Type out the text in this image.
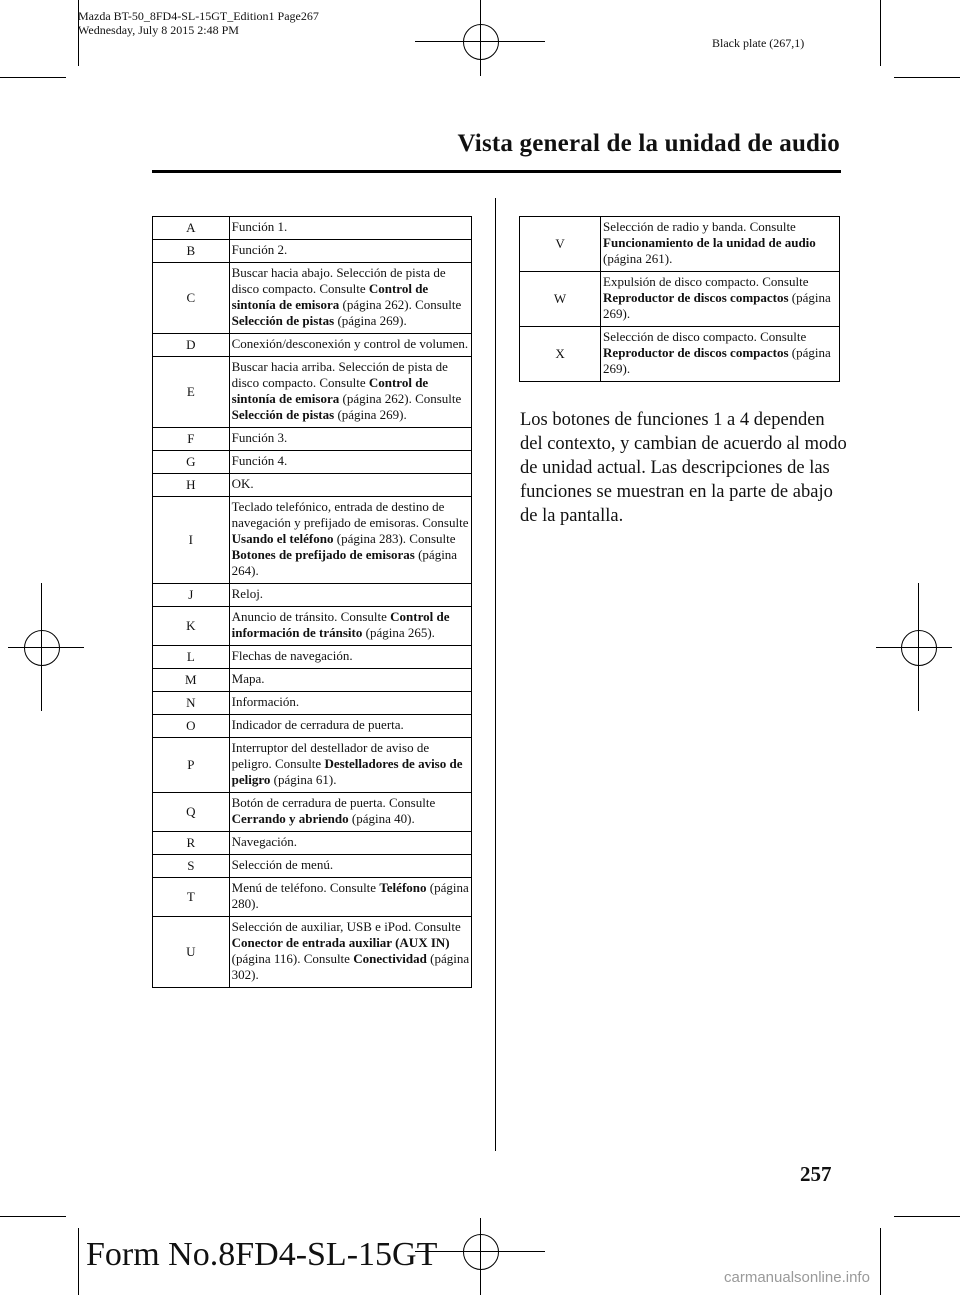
Mazda BT-50_8FD4-SL-15GT_Edition1 Page267
Wednesday, July 8 2015 2:48 PM
Black plate (267,1)
Vista general de la unidad de audio
A	Función 1.
B	Función 2.
C	Buscar hacia abajo. Selección de pista de disco compacto. Consulte Control de sintonía de emisora (página 262). Consulte Selección de pistas (página 269).
D	Conexión/desconexión y control de volumen.
E	Buscar hacia arriba. Selección de pista de disco compacto. Consulte Control de sintonía de emisora (página 262). Consulte Selección de pistas (página 269).
F	Función 3.
G	Función 4.
H	OK.
I	Teclado telefónico, entrada de destino de navegación y prefijado de emisoras. Consulte Usando el teléfono (página 283). Consulte Botones de prefijado de emisoras (página 264).
J	Reloj.
K	Anuncio de tránsito. Consulte Control de información de tránsito (página 265).
L	Flechas de navegación.
M	Mapa.
N	Información.
O	Indicador de cerradura de puerta.
P	Interruptor del destellador de aviso de peligro. Consulte Destelladores de aviso de peligro (página 61).
Q	Botón de cerradura de puerta. Consulte Cerrando y abriendo (página 40).
R	Navegación.
S	Selección de menú.
T	Menú de teléfono. Consulte Teléfono (página 280).
U	Selección de auxiliar, USB e iPod. Consulte Conector de entrada auxiliar (AUX IN) (página 116). Consulte Conectividad (página 302).
V	Selección de radio y banda. Consulte Funcionamiento de la unidad de audio (página 261).
W	Expulsión de disco compacto. Consulte Reproductor de discos compactos (página 269).
X	Selección de disco compacto. Consulte Reproductor de discos compactos (página 269).
Los botones de funciones 1 a 4 dependen del contexto, y cambian de acuerdo al modo de unidad actual. Las descripciones de las funciones se muestran en la parte de abajo de la pantalla.
257
Form No.8FD4-SL-15GT
carmanualsonline.info
